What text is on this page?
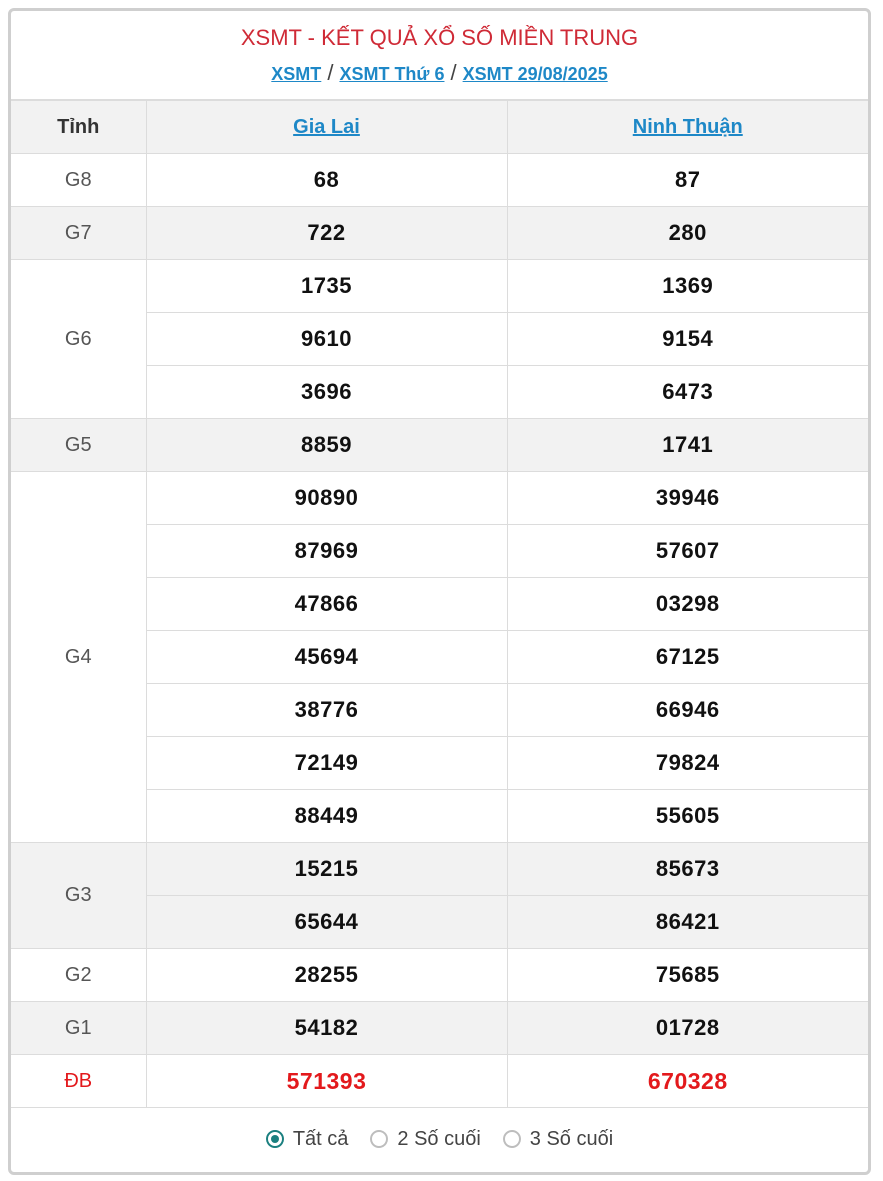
XSMT - KẾT QUẢ XỔ SỐ MIỀN TRUNG
XSMT / XSMT Thứ 6 / XSMT 29/08/2025
Tỉnh	Gia Lai	Ninh Thuận
G8	68	87
G7	722	280
G6	1735	1369
	9610	9154
	3696	6473
G5	8859	1741
G4	90890	39946
	87969	57607
	47866	03298
	45694	67125
	38776	66946
	72149	79824
	88449	55605
G3	15215	85673
	65644	86421
G2	28255	75685
G1	54182	01728
ĐB	571393	670328
Tất cả 2 Số cuối 3 Số cuối
